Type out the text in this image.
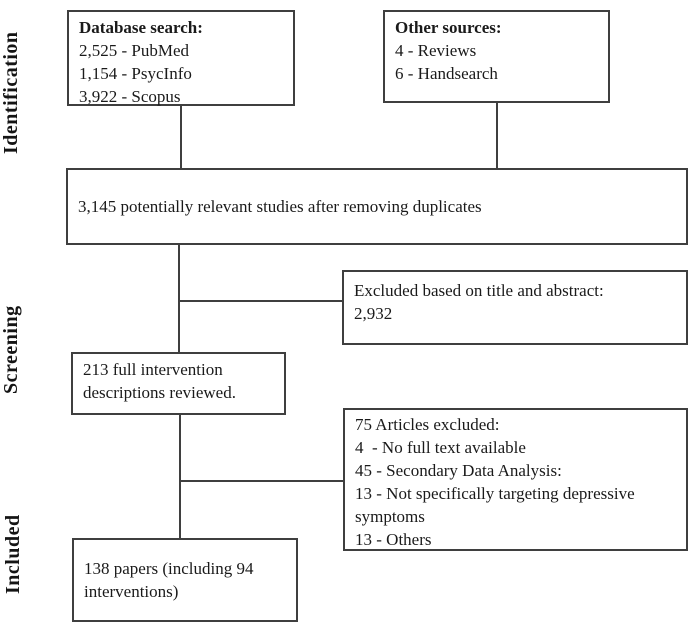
Identification
Screening
Included
Database search:
2,525 - PubMed
1,154 - PsycInfo
3,922 - Scopus
Other sources:
4 - Reviews
6 - Handsearch
3,145 potentially relevant studies after removing duplicates
Excluded based on title and abstract:
2,932
213 full intervention descriptions reviewed.
75 Articles excluded:
4  - No full text available
45 - Secondary Data Analysis:
13 - Not specifically targeting depressive symptoms
13 - Others
138 papers (including 94 interventions)
